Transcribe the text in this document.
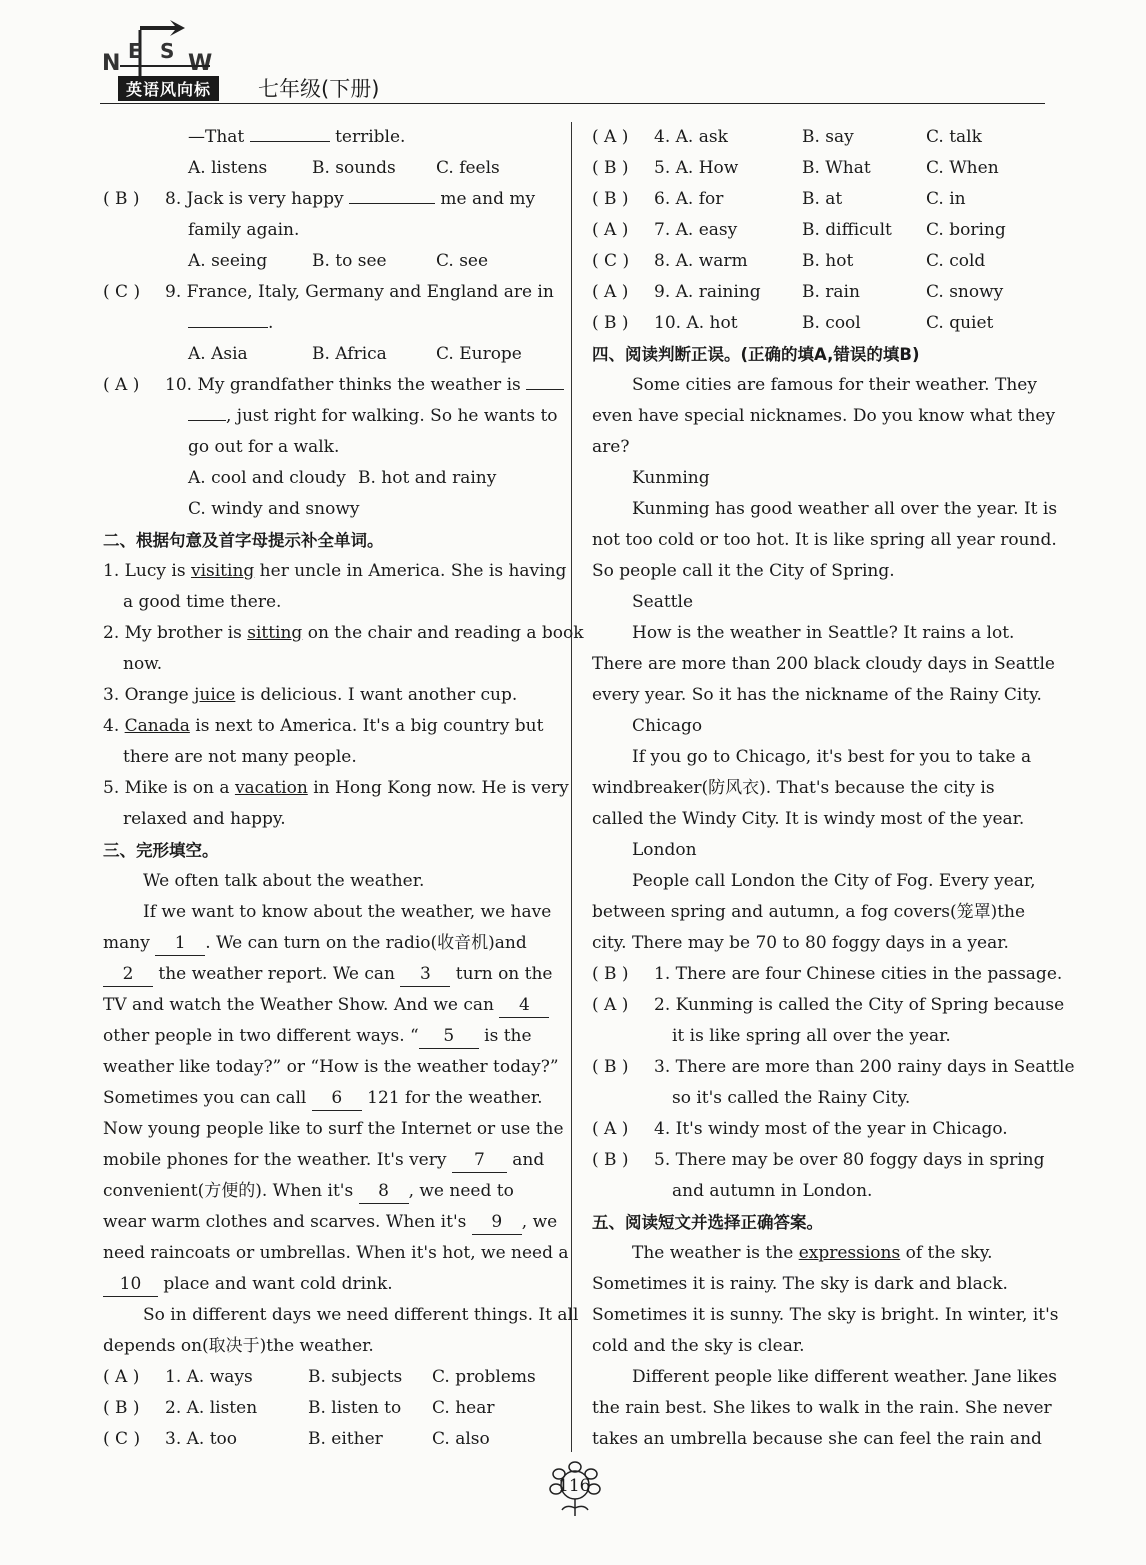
N E S W
英语风向标	七年级(下册)
—That	terrible.
A. listens	B. sounds	C. feels
( B ) 8. Jack is very happy	me and my
family again.
A. seeing	B. to see	C. see
( C ) 9. France, Italy, Germany and England are in
.
A. Asia	B. Africa	C. Europe
( A ) 10. My grandfather thinks the weather is
, just right for walking. So he wants to
go out for a walk.
A. cool and cloudy B. hot and rainy
C. windy and snowy
二、根据句意及首字母提示补全单词。
1. Lucy is visiting her uncle in America. She is having
a good time there.
2. My brother is sitting on the chair and reading a book
now.
3. Orange juice is delicious. I want another cup.
4. Canada is next to America. It's a big country but
there are not many people.
5. Mike is on a vacation in Hong Kong now. He is very
relaxed and happy.
三、完形填空。
We often talk about the weather.
If we want to know about the weather, we have
many 1 . We can turn on the radio(收音机)and
2 the weather report. We can 3 turn on the
TV and watch the Weather Show. And we can 4
other people in two different ways. “ 5 is the
weather like today?” or “How is the weather today?”
Sometimes you can call 6 121 for the weather.
Now young people like to surf the Internet or use the
mobile phones for the weather. It's very 7 and
convenient(方便的). When it's 8 , we need to
wear warm clothes and scarves. When it's 9 , we
need raincoats or umbrellas. When it's hot, we need a
10 place and want cold drink.
So in different days we need different things. It all
depends on(取决于)the weather.
( A )	1. A. ways	B. subjects	C. problems
( B )	2. A. listen	B. listen to	C. hear
( C )	3. A. too	B. either	C. also
( A )	4. A. ask	B. say	C. talk
( B )	5. A. How	B. What	C. When
( B )	6. A. for	B. at	C. in
( A )	7. A. easy	B. difficult	C. boring
( C )	8. A. warm	B. hot	C. cold
( A )	9. A. raining	B. rain	C. snowy
( B )	10. A. hot	B. cool	C. quiet
四、阅读判断正误。(正确的填A,错误的填B)
Some cities are famous for their weather. They
even have special nicknames. Do you know what they
are?
Kunming
Kunming has good weather all over the year. It is
not too cold or too hot. It is like spring all year round.
So people call it the City of Spring.
Seattle
How is the weather in Seattle? It rains a lot.
There are more than 200 black cloudy days in Seattle
every year. So it has the nickname of the Rainy City.
Chicago
If you go to Chicago, it's best for you to take a
windbreaker(防风衣). That's because the city is
called the Windy City. It is windy most of the year.
London
People call London the City of Fog. Every year,
between spring and autumn, a fog covers(笼罩)the
city. There may be 70 to 80 foggy days in a year.
( B ) 1. There are four Chinese cities in the passage.
( A ) 2. Kunming is called the City of Spring because
it is like spring all over the year.
( B ) 3. There are more than 200 rainy days in Seattle
so it's called the Rainy City.
( A ) 4. It's windy most of the year in Chicago.
( B ) 5. There may be over 80 foggy days in spring
and autumn in London.
五、阅读短文并选择正确答案。
The weather is the expressions of the sky.
Sometimes it is rainy. The sky is dark and black.
Sometimes it is sunny. The sky is bright. In winter, it's
cold and the sky is clear.
Different people like different weather. Jane likes
the rain best. She likes to walk in the rain. She never
takes an umbrella because she can feel the rain and
116
